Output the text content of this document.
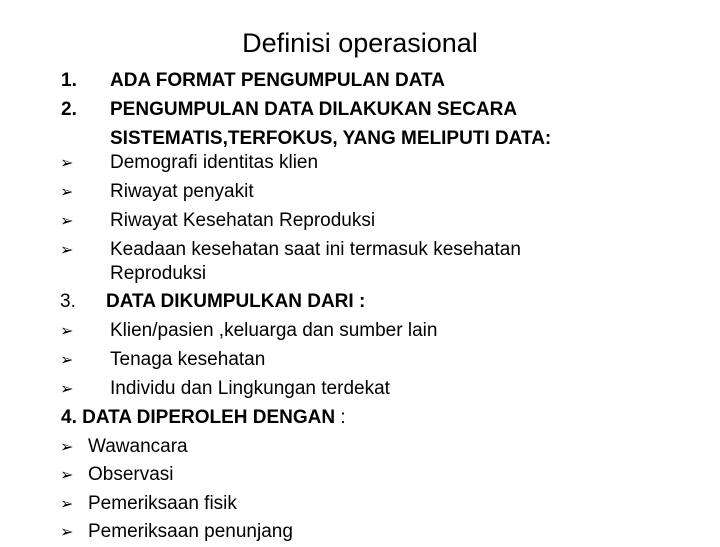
Definisi operasional
1. ADA FORMAT PENGUMPULAN DATA
2. PENGUMPULAN DATA DILAKUKAN SECARA
SISTEMATIS,TERFOKUS, YANG MELIPUTI DATA:
➢ Demografi identitas klien
➢ Riwayat penyakit
➢ Riwayat Kesehatan Reproduksi
➢ Keadaan kesehatan saat ini termasuk kesehatan
Reproduksi
3. DATA DIKUMPULKAN DARI :
➢ Klien/pasien ,keluarga dan sumber lain
➢ Tenaga kesehatan
➢ Individu dan Lingkungan terdekat
4. DATA DIPEROLEH DENGAN :
➢ Wawancara
➢ Observasi
➢ Pemeriksaan fisik
➢ Pemeriksaan penunjang
